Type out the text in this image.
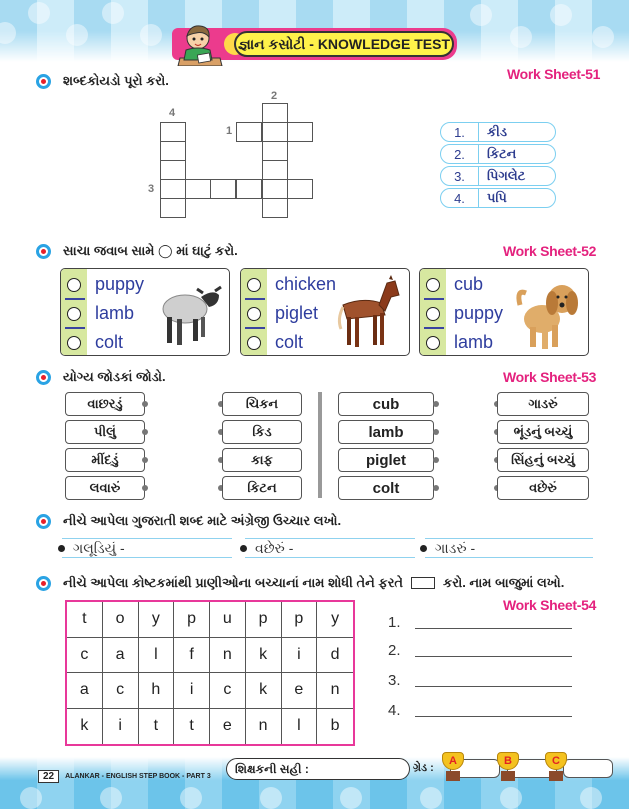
જ્ઞાન કસોટી - KNOWLEDGE TEST
શબ્દકોયડો પૂરો કરો.	Work Sheet-51
1
2
3
4
1.	કીડ
2.	કિટન
3.	પિગલેટ
4.	પપિ
સાચા જવાબ સામે ◯ માં ઘાટું કરો.	Work Sheet-52
puppy
lamb
colt
chicken
piglet
colt
cub
puppy
lamb
યોગ્ય જોડકાં જોડો.	Work Sheet-53
વાછરડું
પીલું
મીંદડું
લવારું
ચિકન
કિડ
કાફ
કિટન
cub
lamb
piglet
colt
ગાડરું
ભૂંડનું બચ્ચું
સિંહનું બચ્ચું
વછેરું
નીચે આપેલા ગુજરાતી શબ્દ માટે અંગ્રેજી ઉચ્ચાર લખો.
ગલૂડિયું -	વછેરું -	ગાડરું -
નીચે આપેલા કોષ્ટકમાંથી પ્રાણીઓના બચ્ચાનાં નામ શોધી તેને ફરતે	કરો. નામ બાજુમાં લખો.
Work Sheet-54
t	o	y	p	u	p	p	y
c	a	l	f	n	k	i	d
a	c	h	i	c	k	e	n
k	i	t	t	e	n	l	b
1.
2.
3.
4.
22	ALANKAR - ENGLISH STEP BOOK - PART 3
શિક્ષકની સહી :	ગ્રેડ :
A	B	C
